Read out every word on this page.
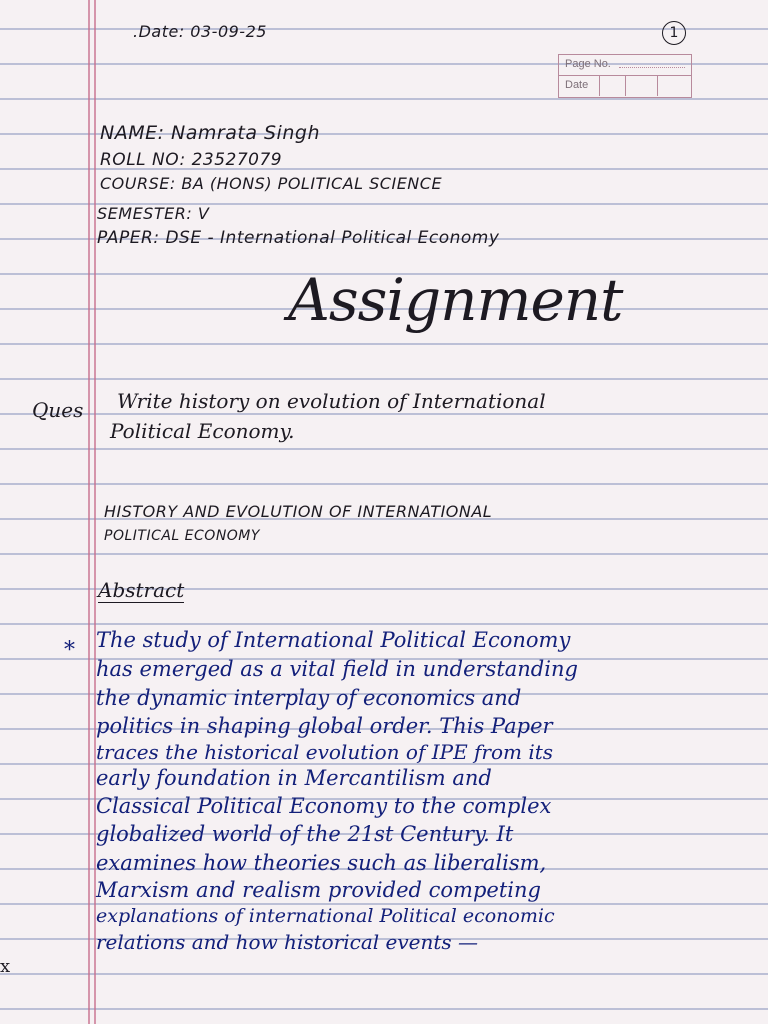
.Date: 03-09-25	1
Page No.
Date
NAME: Namrata Singh
ROLL NO: 23527079
COURSE: BA (HONS) POLITICAL SCIENCE
SEMESTER: V
PAPER: DSE - International Political Economy
Assignment
Ques Write history on evolution of International
Political Economy.
HISTORY AND EVOLUTION OF INTERNATIONAL
POLITICAL ECONOMY
Abstract
* The study of International Political Economy
has emerged as a vital field in understanding
the dynamic interplay of economics and
politics in shaping global order. This Paper
traces the historical evolution of IPE from its
early foundation in Mercantilism and
Classical Political Economy to the complex
globalized world of the 21st Century. It
examines how theories such as liberalism,
Marxism and realism provided competing
explanations of international Political economic
relations and how historical events —
x
